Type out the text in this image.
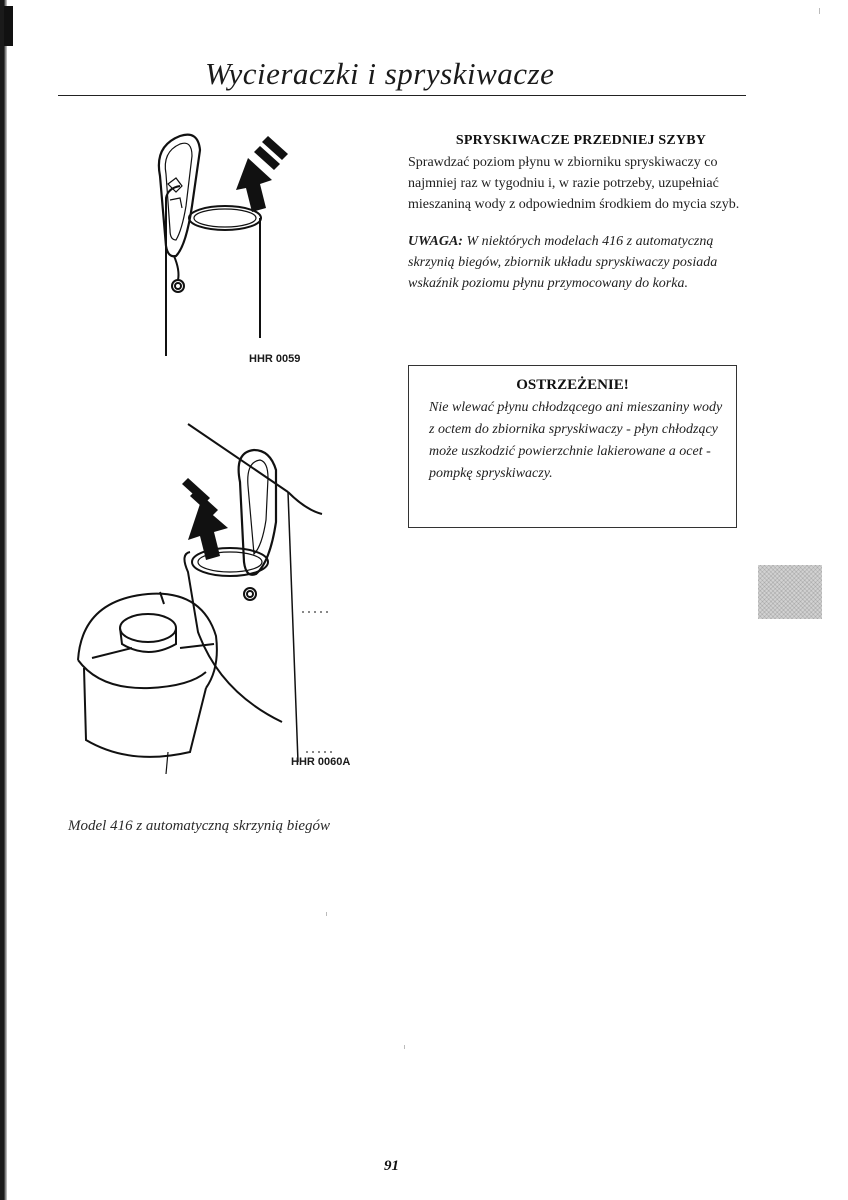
Wycieraczki i spryskiwacze
HHR 0059
HHR 0060A

Model 416 z automatyczną skrzynią biegów

SPRYSKIWACZE PRZEDNIEJ SZYBY

Sprawdzać poziom płynu w zbiorniku spryskiwaczy co najmniej raz w tygodniu i, w razie potrzeby, uzupełniać mieszaniną wody z odpowiednim środkiem do mycia szyb.

UWAGA: W niektórych modelach 416 z automatyczną skrzynią biegów, zbiornik układu spryskiwaczy posiada wskaźnik poziomu płynu przymocowany do korka.

OSTRZEŻENIE!

Nie wlewać płynu chłodzącego ani mieszaniny wody z octem do zbiornika spryskiwaczy - płyn chłodzący może uszkodzić powierzchnie lakierowane a ocet - pompkę spryskiwaczy.

91
